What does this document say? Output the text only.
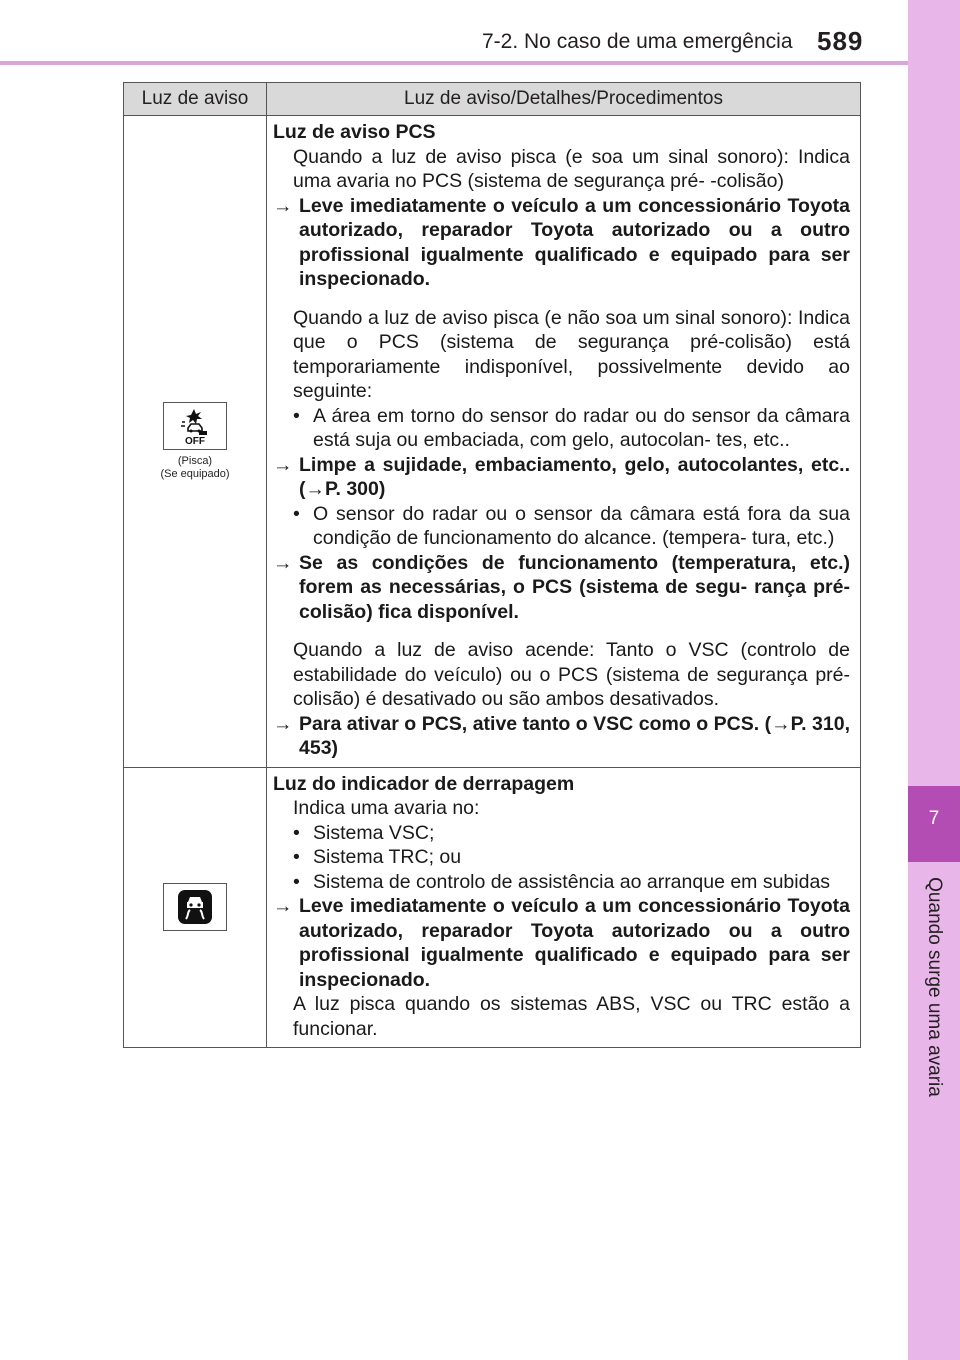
7-2. No caso de uma emergência 589
7
Quando surge uma avaria
Luz de aviso	Luz de aviso/Detalhes/Procedimentos
OFF
(Pisca)
(Se equipado)
Luz de aviso PCS
Quando a luz de aviso pisca (e soa um sinal sonoro): Indica uma avaria no PCS (sistema de segurança pré- -colisão)
→ Leve imediatamente o veículo a um concessionário Toyota autorizado, reparador Toyota autorizado ou a outro profissional igualmente qualificado e equipado para ser inspecionado.
Quando a luz de aviso pisca (e não soa um sinal sonoro): Indica que o PCS (sistema de segurança pré-colisão) está temporariamente indisponível, possivelmente devido ao seguinte:
• A área em torno do sensor do radar ou do sensor da câmara está suja ou embaciada, com gelo, autocolan- tes, etc..
→ Limpe a sujidade, embaciamento, gelo, autocolantes, etc.. (→P. 300)
• O sensor do radar ou o sensor da câmara está fora da sua condição de funcionamento do alcance. (tempera- tura, etc.)
→ Se as condições de funcionamento (temperatura, etc.) forem as necessárias, o PCS (sistema de segu- rança pré-colisão) fica disponível.
Quando a luz de aviso acende: Tanto o VSC (controlo de estabilidade do veículo) ou o PCS (sistema de segurança pré-colisão) é desativado ou são ambos desativados.
→ Para ativar o PCS, ative tanto o VSC como o PCS. (→P. 310, 453)
Luz do indicador de derrapagem
Indica uma avaria no:
• Sistema VSC;
• Sistema TRC; ou
• Sistema de controlo de assistência ao arranque em subidas
→ Leve imediatamente o veículo a um concessionário Toyota autorizado, reparador Toyota autorizado ou a outro profissional igualmente qualificado e equipado para ser inspecionado.
A luz pisca quando os sistemas ABS, VSC ou TRC estão a funcionar.
